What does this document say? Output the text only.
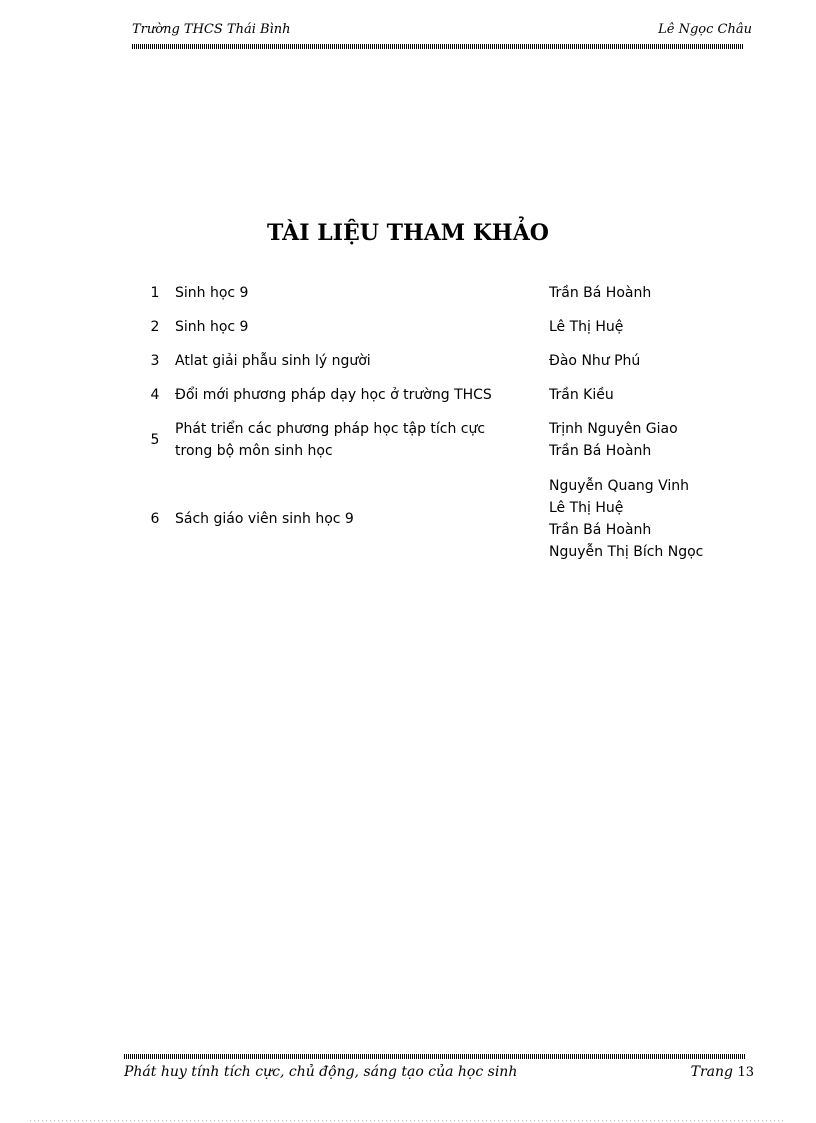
Trường THCS Thái Bình	Lê Ngọc Châu
TÀI LIỆU THAM KHẢO
1	Sinh học 9	Trần Bá Hoành

2	Sinh học 9	Lê Thị Huệ

3	Atlat giải phẫu sinh lý người	Đào Như Phú

4	Đổi mới phương pháp dạy học ở trường THCS	Trần Kiều

5	Phát triển các phương pháp học tập tích cực
trong bộ môn sinh học	Trịnh Nguyên Giao
Trần Bá Hoành

6	Sách giáo viên sinh học 9	Nguyễn Quang Vinh
Lê Thị Huệ
Trần Bá Hoành
Nguyễn Thị Bích Ngọc
Phát huy tính tích cực, chủ động, sáng tạo của học sinh	Trang 13
